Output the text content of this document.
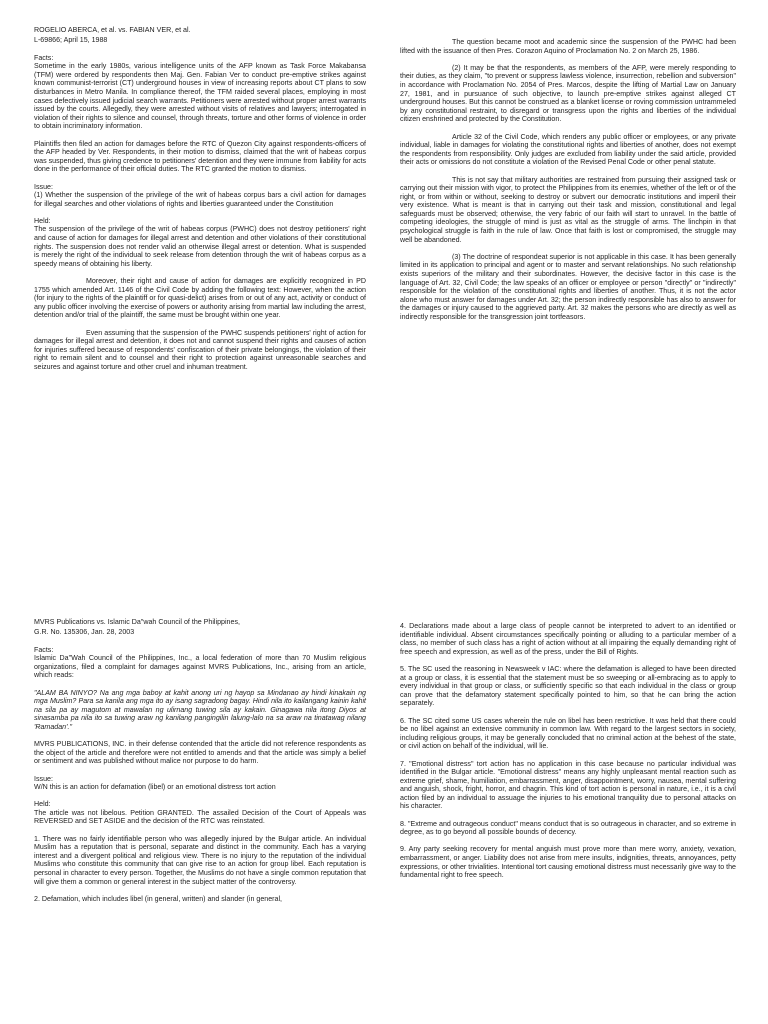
ROGELIO ABERCA, et al. vs. FABIAN VER, et al.
L-69866; April 15, 1988
Facts:

Sometime in the early 1980s, various intelligence units of the AFP known as Task Force Makabansa (TFM) were ordered by respondents then Maj. Gen. Fabian Ver to conduct pre-emptive strikes against known communist-terrorist (CT) underground houses in view of increasing reports about CT plans to sow disturbances in Metro Manila. In compliance thereof, the TFM raided several places, employing in most cases defectively issued judicial search warrants. Petitioners were arrested without proper arrest warrants issued by the courts. Allegedly, they were arrested without visits of relatives and lawyers; interrogated in violation of their rights to silence and counsel, through threats, torture and other forms of violence in order to obtain incriminatory information.

Plaintiffs then filed an action for damages before the RTC of Quezon City against respondents-officers of the AFP headed by Ver. Respondents, in their motion to dismiss, claimed that the writ of habeas corpus was suspended, thus giving credence to petitioners' detention and they were immune from liability for acts done in the performance of their official duties. The RTC granted the motion to dismiss.

Issue:

(1) Whether the suspension of the privilege of the writ of habeas corpus bars a civil action for damages for illegal searches and other violations of rights and liberties guaranteed under the Constitution

Held:

The suspension of the privilege of the writ of habeas corpus (PWHC) does not destroy petitioners' right and cause of action for damages for illegal arrest and detention and other violations of their constitutional rights. The suspension does not render valid an otherwise illegal arrest or detention. What is suspended is merely the right of the individual to seek release from detention through the writ of habeas corpus as a speedy means of obtaining his liberty.

Moreover, their right and cause of action for damages are explicitly recognized in PD 1755 which amended Art. 1146 of the Civil Code by adding the following text: However, when the action (for injury to the rights of the plaintiff or for quasi-delict) arises from or out of any act, activity or conduct of any public officer involving the exercise of powers or authority arising from martial law including the arrest, detention and/or trial of the plaintiff, the same must be brought within one year.

Even assuming that the suspension of the PWHC suspends petitioners' right of action for damages for illegal arrest and detention, it does not and cannot suspend their rights and causes of action for injuries suffered because of respondents' confiscation of their private belongings, the violation of their right to remain silent and to counsel and their right to protection against unreasonable searches and seizures and against torture and other cruel and inhuman treatment.

The question became moot and academic since the suspension of the PWHC had been lifted with the issuance of then Pres. Corazon Aquino of Proclamation No. 2 on March 25, 1986.

(2) It may be that the respondents, as members of the AFP, were merely responding to their duties, as they claim, "to prevent or suppress lawless violence, insurrection, rebellion and subversion" in accordance with Proclamation No. 2054 of Pres. Marcos, despite the lifting of Martial Law on January 27, 1981, and in pursuance of such objective, to launch pre-emptive strikes against alleged CT underground houses. But this cannot be construed as a blanket license or roving commission untrammeled by any constitutional restraint, to disregard or transgress upon the rights and liberties of the individual citizen enshrined and protected by the Constitution.

Article 32 of the Civil Code, which renders any public officer or employees, or any private individual, liable in damages for violating the constitutional rights and liberties of another, does not exempt the respondents from responsibility. Only judges are excluded from liability under the said article, provided their acts or omissions do not constitute a violation of the Revised Penal Code or other penal statute.

This is not say that military authorities are restrained from pursuing their assigned task or carrying out their mission with vigor, to protect the Philippines from its enemies, whether of the left or of the right, or from within or without, seeking to destroy or subvert our democratic institutions and imperil their very existence. What is meant is that in carrying out their task and mission, constitutional and legal safeguards must be observed; otherwise, the very fabric of our faith will start to unravel. In the battle of competing ideologies, the struggle of mind is just as vital as the struggle of arms. The linchpin in that psychological struggle is faith in the rule of law. Once that faith is lost or compromised, the struggle may well be abandoned.

(3) The doctrine of respondeat superior is not applicable in this case. It has been generally limited in its application to principal and agent or to master and servant relationships. No such relationship exists superiors of the military and their subordinates. However, the decisive factor in this case is the language of Art. 32, Civil Code; the law speaks of an officer or employee or person "directly" or "indirectly" responsible for the violation of the constitutional rights and liberties of another. Thus, it is not the actor alone who must answer for damages under Art. 32; the person indirectly responsible has also to answer for the damages or injury caused to the aggrieved party. Art. 32 makes the persons who are directly as well as indirectly responsible for the transgression joint tortfeasors.

MVRS Publications vs. Islamic Da"wah Council of the Philippines,
G.R. No. 135306, Jan. 28, 2003
Facts:

Islamic Da"Wah Council of the Philippines, Inc., a local federation of more than 70 Muslim religious organizations, filed a complaint for damages against MVRS Publications, Inc., arising from an article, which reads:

"ALAM BA NINYO? Na ang mga baboy at kahit anong uri ng hayop sa Mindanao ay hindi kinakain ng mga Muslim? Para sa kanila ang mga ito ay isang sagradong bagay. Hindi nila ito kailangang kainin kahit na sila pa ay magutom at mawalan ng ulirnang tuwing sila ay kakain. Ginagawa nila itong Diyos at sinasamba pa nila ito sa tuwing araw ng kanilang pangingilin lalung-lalo na sa araw na tinatawag nilang 'Ramadan'."

MVRS PUBLICATIONS, INC. in their defense contended that the article did not reference respondents as the object of the article and therefore were not entitled to amends and that the article was simply a belief or sentiment and was published without malice nor purpose to do harm.

Issue:

W/N this is an action for defamation (libel) or an emotional distress tort action

Held:

The article was not libelous. Petition GRANTED. The assailed Decision of the Court of Appeals was REVERSED and SET ASIDE and the decision of the RTC was reinstated.

1. There was no fairly identifiable person who was allegedly injured by the Bulgar article. An individual Muslim has a reputation that is personal, separate and distinct in the community. Each has a varying interest and a divergent political and religious view. There is no injury to the reputation of the individual Muslims who constitute this community that can give rise to an action for group libel. Each reputation is personal in character to every person. Together, the Muslims do not have a single common reputation that will give them a common or general interest in the subject matter of the controversy.

2. Defamation, which includes libel (in general, written) and slander (in general,

4. Declarations made about a large class of people cannot be interpreted to advert to an identified or identifiable individual. Absent circumstances specifically pointing or alluding to a particular member of a class, no member of such class has a right of action without at all impairing the equally demanding right of free speech and expression, as well as of the press, under the Bill of Rights.

5. The SC used the reasoning in Newsweek v IAC: where the defamation is alleged to have been directed at a group or class, it is essential that the statement must be so sweeping or all-embracing as to apply to every individual in that group or class, or sufficiently specific so that each individual in the class or group can prove that the defamatory statement specifically pointed to him, so that he can bring the action separately.

6. The SC cited some US cases wherein the rule on libel has been restrictive. It was held that there could be no libel against an extensive community in common law. With regard to the largest sectors in society, including religious groups, it may be generally concluded that no criminal action at the behest of the state, or civil action on behalf of the individual, will lie.

7. "Emotional distress" tort action has no application in this case because no particular individual was identified in the Bulgar article. "Emotional distress" means any highly unpleasant mental reaction such as extreme grief, shame, humiliation, embarrassment, anger, disappointment, worry, nausea, mental suffering and anguish, shock, fright, horror, and chagrin. This kind of tort action is personal in nature, i.e., it is a civil action filed by an individual to assuage the injuries to his emotional tranquility due to personal attacks on his character.

8. "Extreme and outrageous conduct" means conduct that is so outrageous in character, and so extreme in degree, as to go beyond all possible bounds of decency.

9. Any party seeking recovery for mental anguish must prove more than mere worry, anxiety, vexation, embarrassment, or anger. Liability does not arise from mere insults, indignities, threats, annoyances, petty expressions, or other trivialities. Intentional tort causing emotional distress must necessarily give way to the fundamental right to free speech.
